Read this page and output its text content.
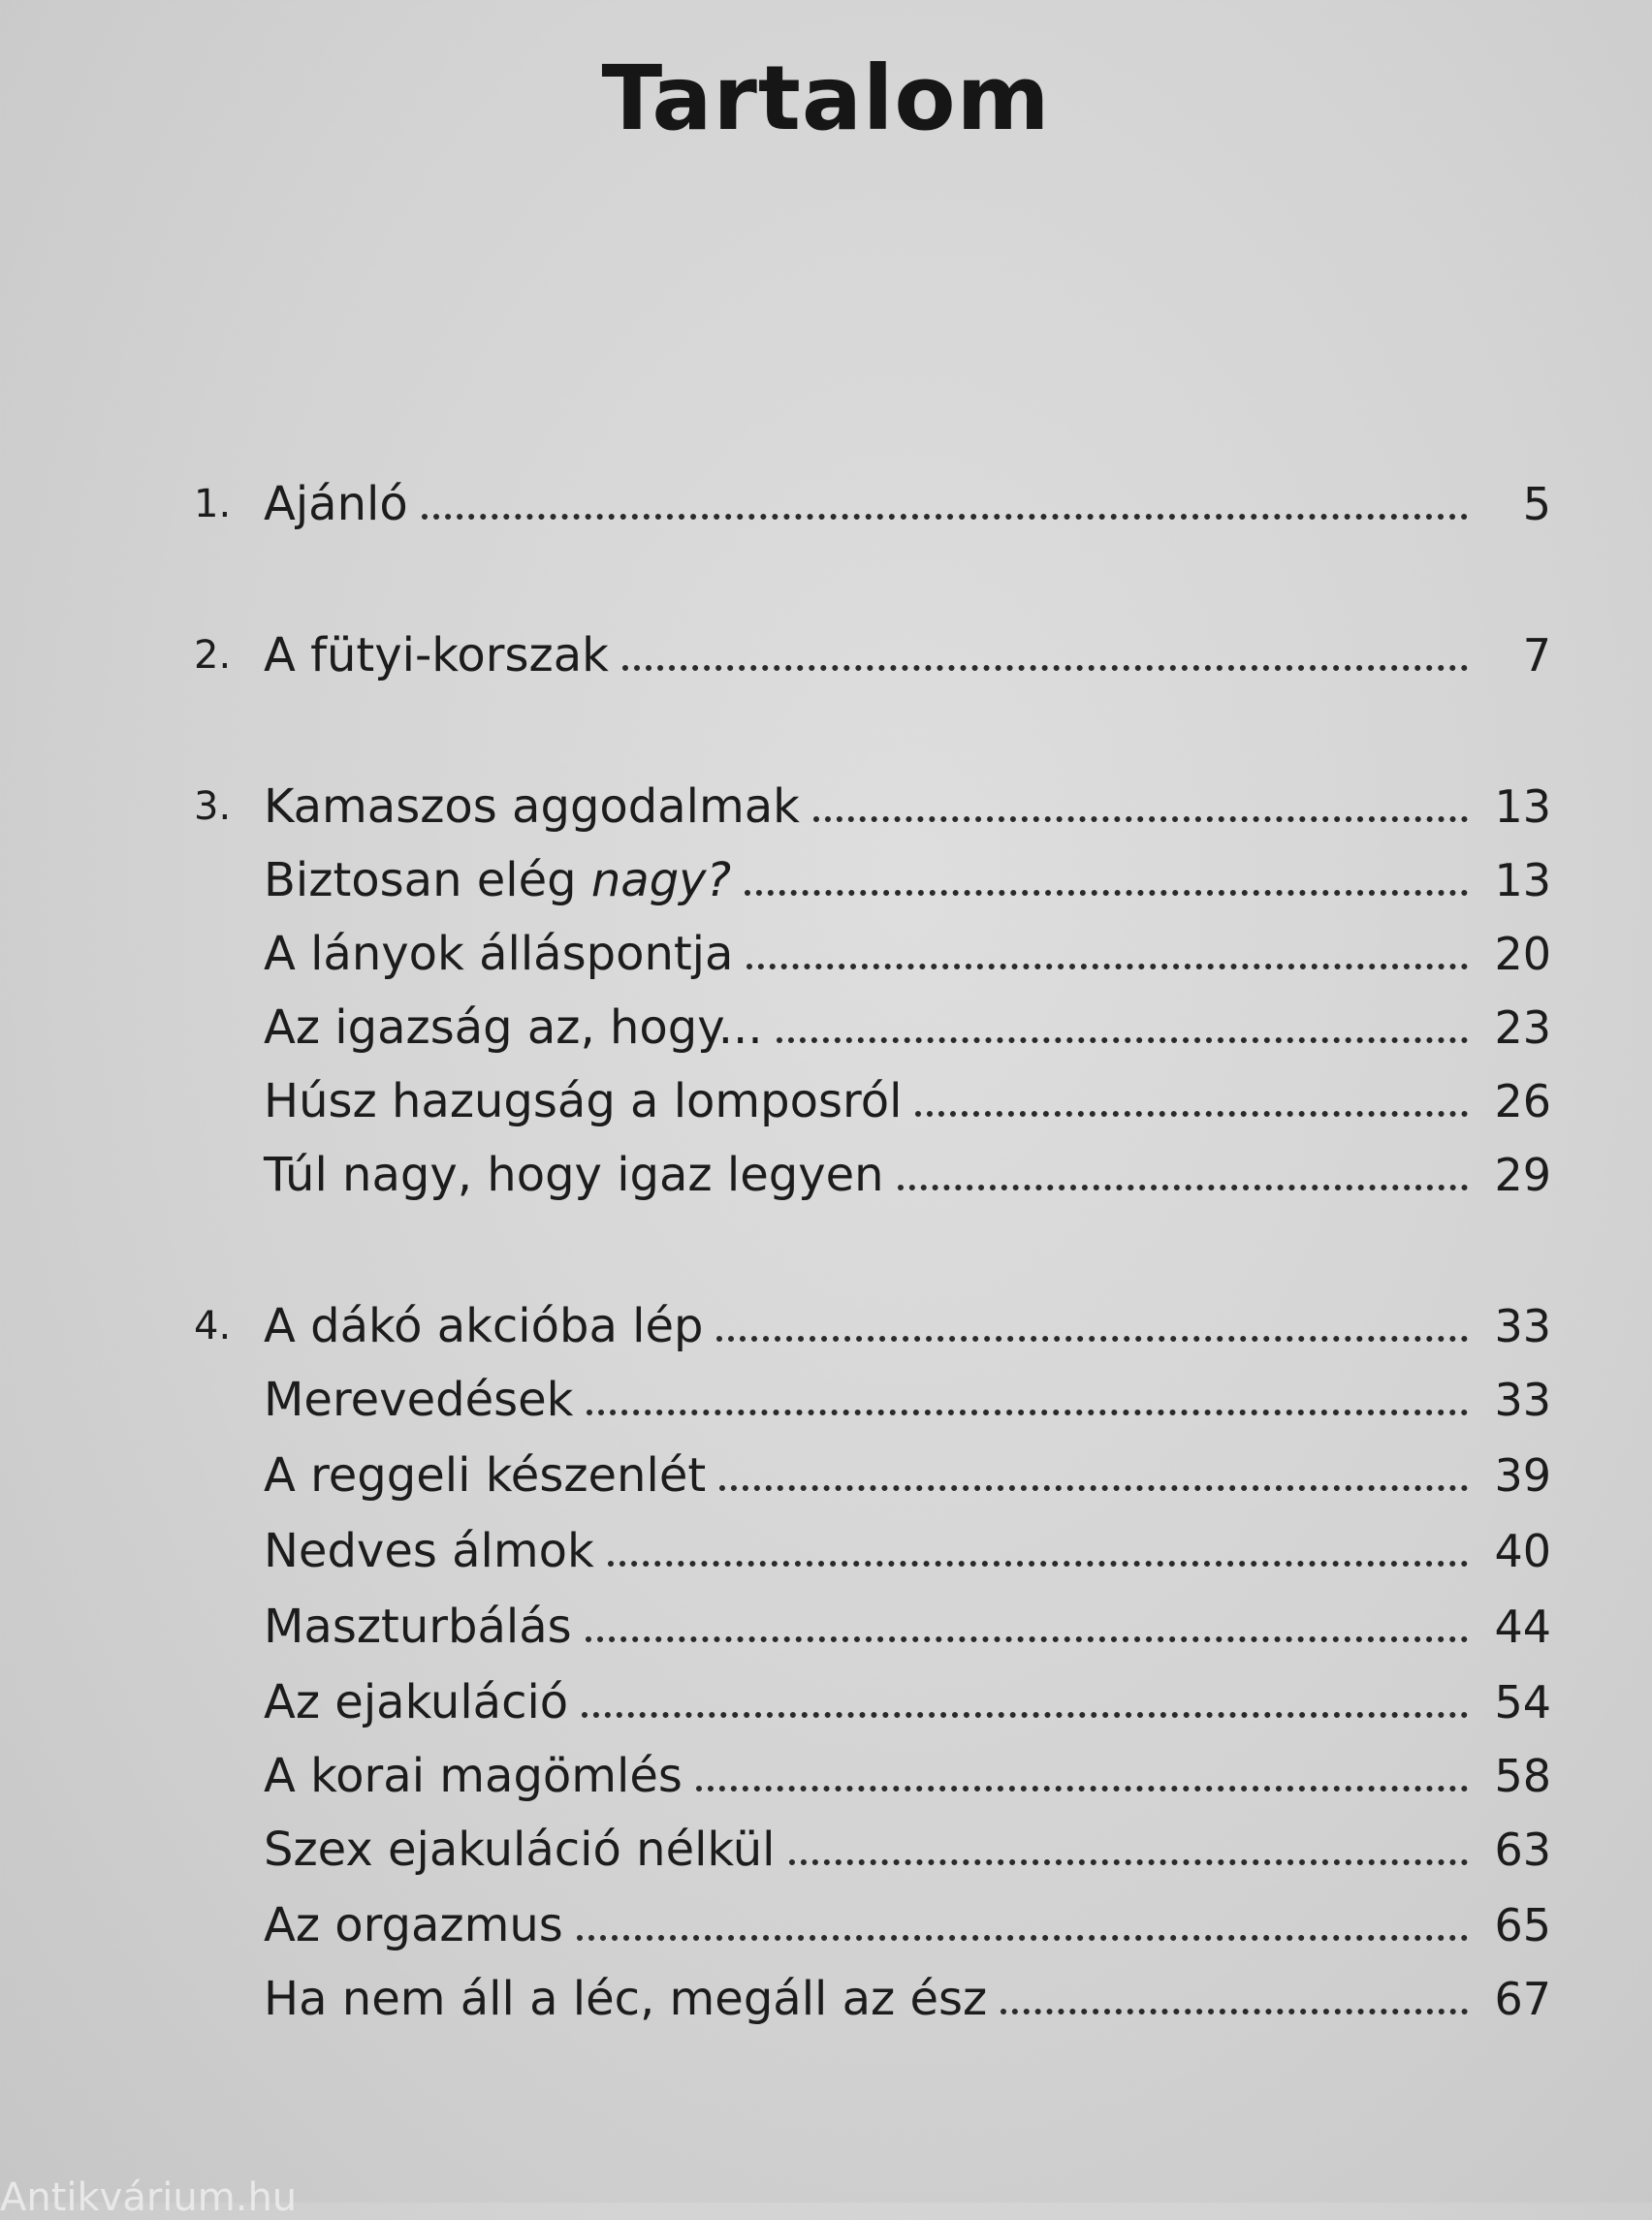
Tartalom
1. Ajánló	5
2. A fütyi-korszak	7
3. Kamaszos aggodalmak	13
Biztosan elég nagy?	13
A lányok álláspontja	20
Az igazság az, hogy...	23
Húsz hazugság a lomposról	26
Túl nagy, hogy igaz legyen	29
4. A dákó akcióba lép	33
Merevedések	33
A reggeli készenlét	39
Nedves álmok	40
Maszturbálás	44
Az ejakuláció	54
A korai magömlés	58
Szex ejakuláció nélkül	63
Az orgazmus	65
Ha nem áll a léc, megáll az ész	67
Antikvárium.hu
